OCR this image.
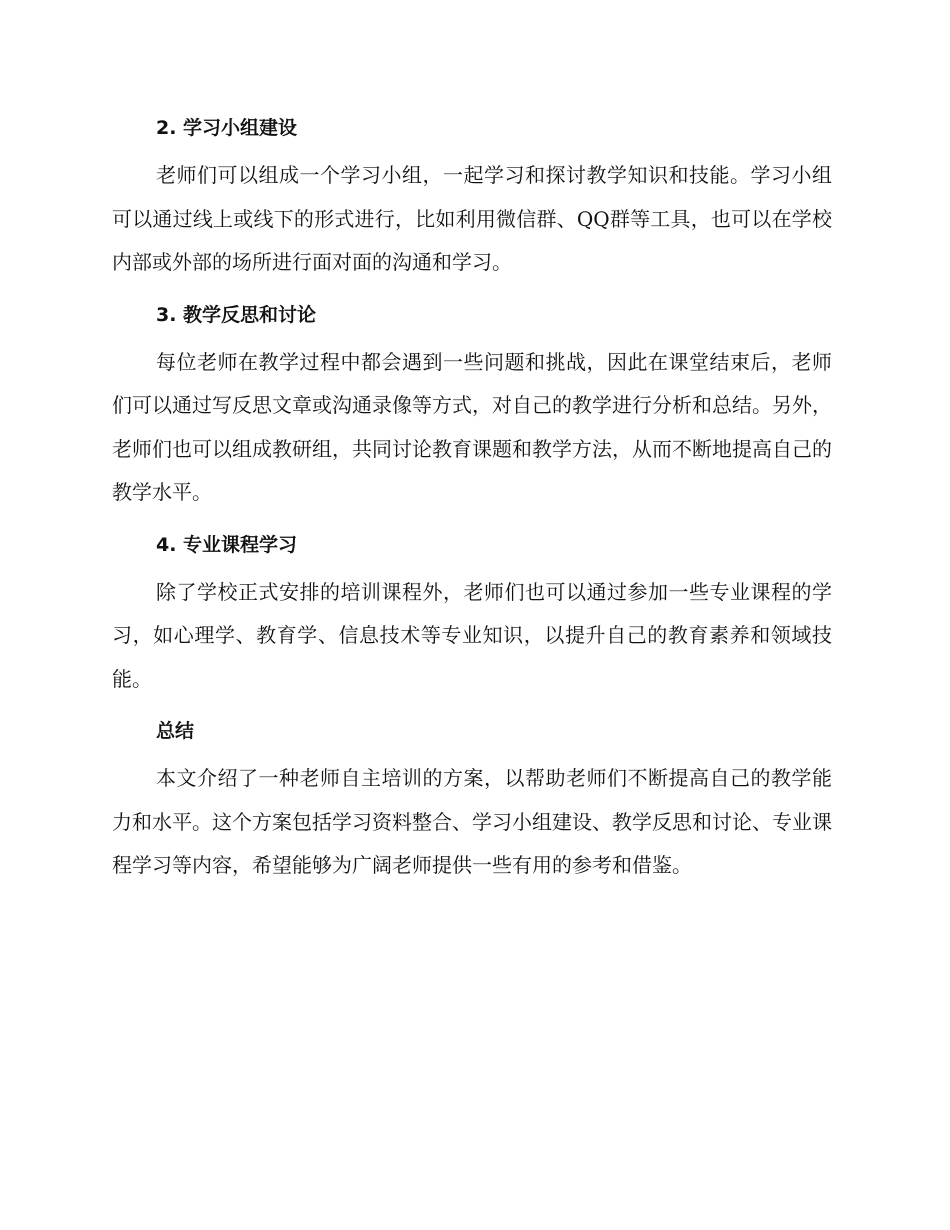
2. 学习小组建设

老师们可以组成一个学习小组，一起学习和探讨教学知识和技能。学习小组可以通过线上或线下的形式进行，比如利用微信群、QQ群等工具，也可以在学校内部或外部的场所进行面对面的沟通和学习。

3. 教学反思和讨论

每位老师在教学过程中都会遇到一些问题和挑战，因此在课堂结束后，老师们可以通过写反思文章或沟通录像等方式，对自己的教学进行分析和总结。另外，老师们也可以组成教研组，共同讨论教育课题和教学方法，从而不断地提高自己的教学水平。

4. 专业课程学习

除了学校正式安排的培训课程外，老师们也可以通过参加一些专业课程的学习，如心理学、教育学、信息技术等专业知识，以提升自己的教育素养和领域技能。

总结

本文介绍了一种老师自主培训的方案，以帮助老师们不断提高自己的教学能力和水平。这个方案包括学习资料整合、学习小组建设、教学反思和讨论、专业课程学习等内容，希望能够为广阔老师提供一些有用的参考和借鉴。
